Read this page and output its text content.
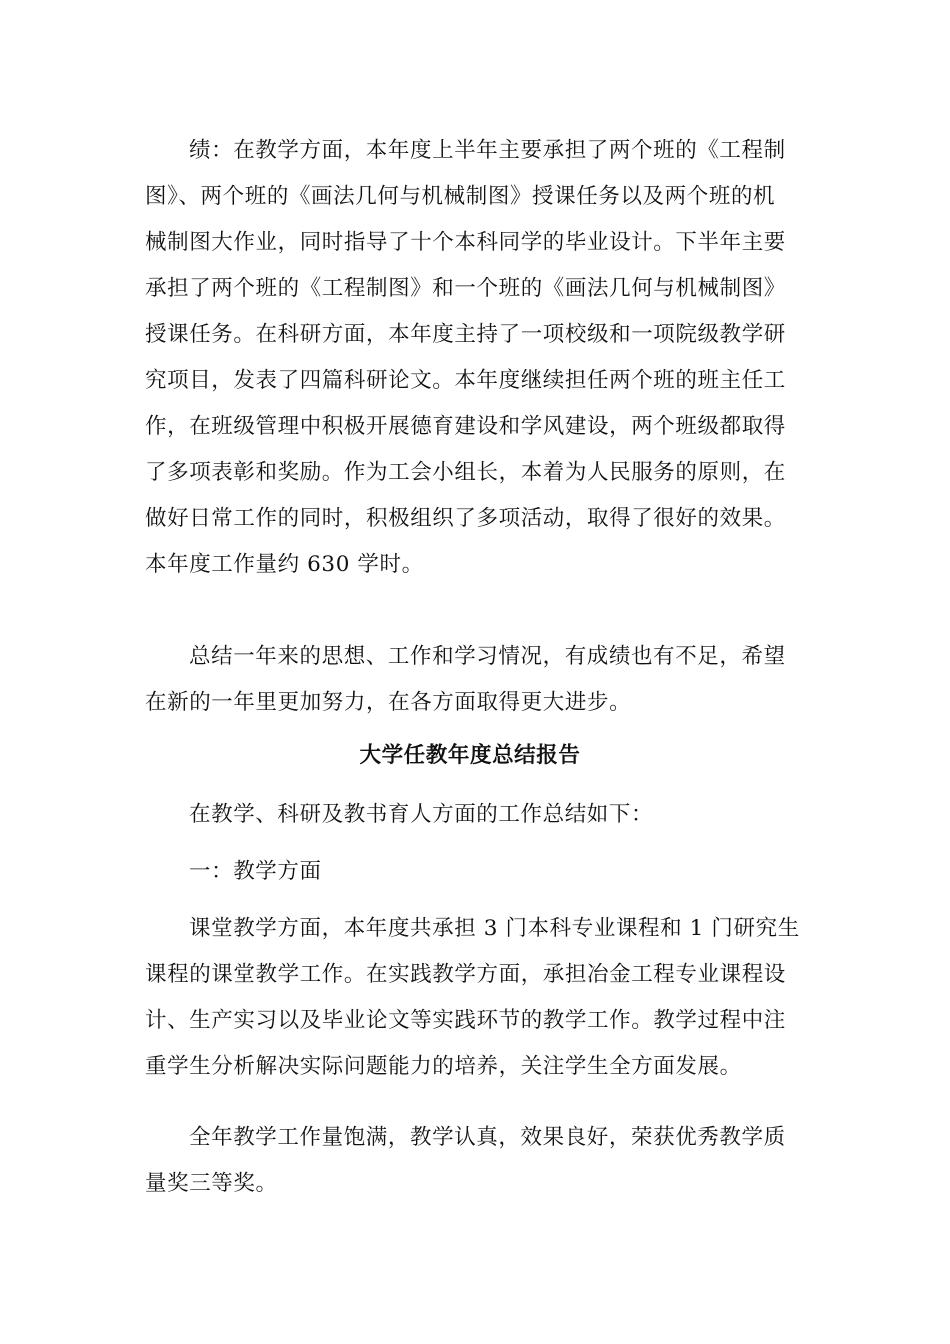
绩：在教学方面，本年度上半年主要承担了两个班的《工程制
图》、两个班的《画法几何与机械制图》授课任务以及两个班的机
械制图大作业，同时指导了十个本科同学的毕业设计。下半年主要
承担了两个班的《工程制图》和一个班的《画法几何与机械制图》
授课任务。在科研方面，本年度主持了一项校级和一项院级教学研
究项目，发表了四篇科研论文。本年度继续担任两个班的班主任工
作，在班级管理中积极开展德育建设和学风建设，两个班级都取得
了多项表彰和奖励。作为工会小组长，本着为人民服务的原则，在
做好日常工作的同时，积极组织了多项活动，取得了很好的效果。
本年度工作量约 630 学时。
总结一年来的思想、工作和学习情况，有成绩也有不足，希望
在新的一年里更加努力，在各方面取得更大进步。
大学任教年度总结报告
在教学、科研及教书育人方面的工作总结如下：
一：教学方面
课堂教学方面，本年度共承担 3 门本科专业课程和 1 门研究生
课程的课堂教学工作。在实践教学方面，承担冶金工程专业课程设
计、生产实习以及毕业论文等实践环节的教学工作。教学过程中注
重学生分析解决实际问题能力的培养，关注学生全方面发展。
全年教学工作量饱满，教学认真，效果良好，荣获优秀教学质
量奖三等奖。
